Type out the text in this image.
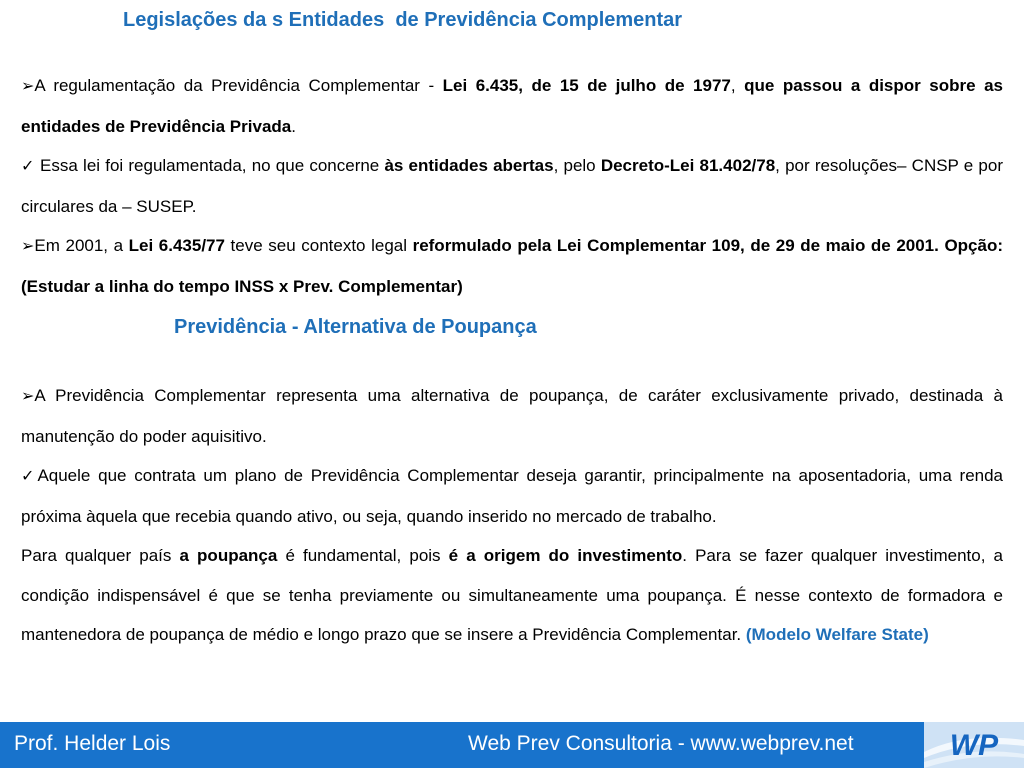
Legislações da s Entidades  de Previdência Complementar

➢A regulamentação da Previdência Complementar - Lei 6.435, de 15 de julho de 1977, que passou a dispor sobre as entidades de Previdência Privada.

✓ Essa lei foi regulamentada, no que concerne às entidades abertas, pelo Decreto-Lei 81.402/78, por resoluções– CNSP e por circulares da – SUSEP.

➢Em 2001, a Lei 6.435/77 teve seu contexto legal reformulado pela Lei Complementar 109, de 29 de maio de 2001. Opção:(Estudar a linha do tempo INSS x Prev. Complementar)

Previdência - Alternativa de Poupança

➢A Previdência Complementar representa uma alternativa de poupança, de caráter exclusivamente privado, destinada à manutenção do poder aquisitivo.

✓Aquele que contrata um plano de Previdência Complementar deseja garantir, principalmente na aposentadoria, uma renda próxima àquela que recebia quando ativo, ou seja, quando inserido no mercado de trabalho.

Para qualquer país a poupança é fundamental, pois é a origem do investimento. Para se fazer qualquer investimento, a condição indispensável é que se tenha previamente ou simultaneamente uma poupança. É nesse contexto de formadora e mantenedora de poupança de médio e longo prazo que se insere a Previdência Complementar. (Modelo Welfare State)

Prof. Helder Lois	Web Prev Consultoria - www.webprev.net	WP
